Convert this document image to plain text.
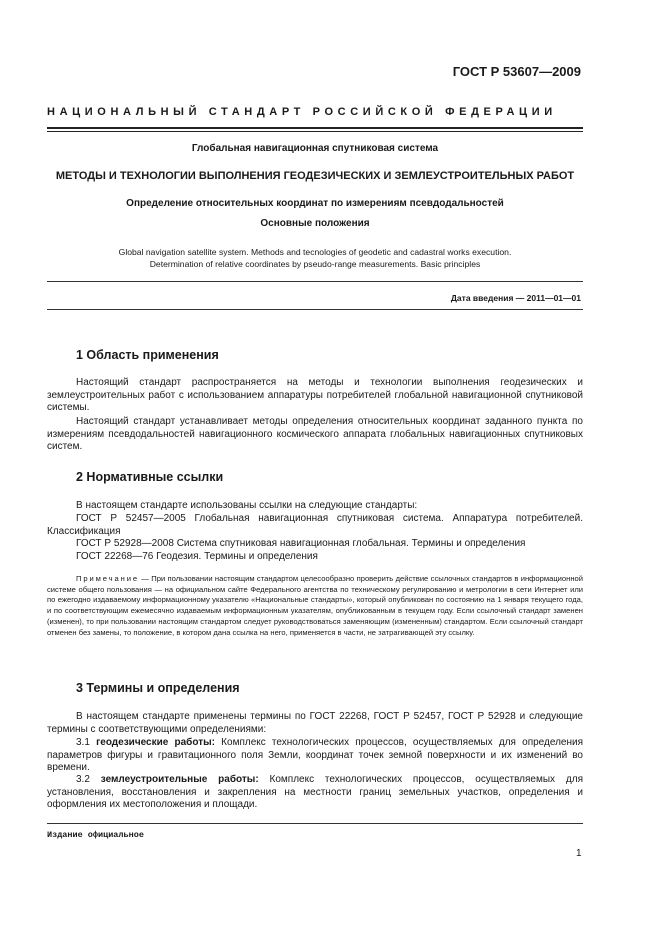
ГОСТ Р 53607—2009
НАЦИОНАЛЬНЫЙ СТАНДАРТ РОССИЙСКОЙ ФЕДЕРАЦИИ
Глобальная навигационная спутниковая система
МЕТОДЫ И ТЕХНОЛОГИИ ВЫПОЛНЕНИЯ ГЕОДЕЗИЧЕСКИХ И ЗЕМЛЕУСТРОИТЕЛЬНЫХ РАБОТ
Определение относительных координат по измерениям псевдодальностей
Основные положения
Global navigation satellite system. Methods and tecnologies of geodetic and cadastral works execution.
Determination of relative coordinates by pseudo-range measurements. Basic principles
Дата введения — 2011—01—01
1 Область применения
Настоящий стандарт распространяется на методы и технологии выполнения геодезических и землеустроительных работ с использованием аппаратуры потребителей глобальной навигационной спутниковой системы.
Настоящий стандарт устанавливает методы определения относительных координат заданного пункта по измерениям псевдодальностей навигационного космического аппарата глобальных навигационных спутниковых систем.
2 Нормативные ссылки
В настоящем стандарте использованы ссылки на следующие стандарты:
ГОСТ Р 52457—2005 Глобальная навигационная спутниковая система. Аппаратура потребителей. Классификация
ГОСТ Р 52928—2008 Система спутниковая навигационная глобальная. Термины и определения
ГОСТ 22268—76 Геодезия. Термины и определения
Примечание — При пользовании настоящим стандартом целесообразно проверить действие ссылочных стандартов в информационной системе общего пользования — на официальном сайте Федерального агентства по техническому регулированию и метрологии в сети Интернет или по ежегодно издаваемому информационному указателю «Национальные стандарты», который опубликован по состоянию на 1 января текущего года, и по соответствующим ежемесячно издаваемым информационным указателям, опубликованным в текущем году. Если ссылочный стандарт заменен (изменен), то при пользовании настоящим стандартом следует руководствоваться заменяющим (измененным) стандартом. Если ссылочный стандарт отменен без замены, то положение, в котором дана ссылка на него, применяется в части, не затрагивающей эту ссылку.
3 Термины и определения
В настоящем стандарте применены термины по ГОСТ 22268, ГОСТ Р 52457, ГОСТ Р 52928 и следующие термины с соответствующими определениями:
3.1 геодезические работы: Комплекс технологических процессов, осуществляемых для определения параметров фигуры и гравитационного поля Земли, координат точек земной поверхности и их изменений во времени.
3.2 землеустроительные работы: Комплекс технологических процессов, осуществляемых для установления, восстановления и закрепления на местности границ земельных участков, определения и оформления их местоположения и площади.
Издание официальное
1
